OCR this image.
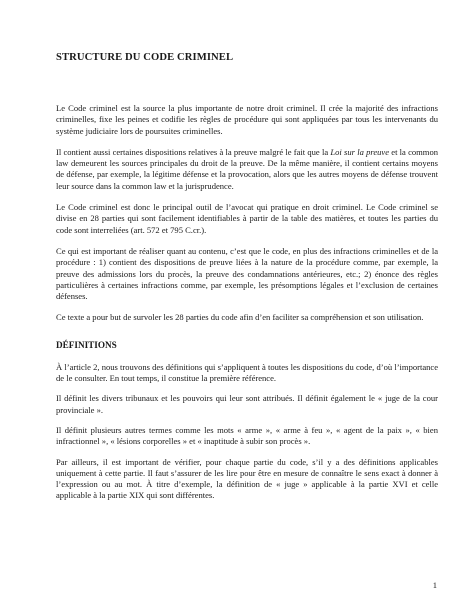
STRUCTURE DU CODE CRIMINEL

Le Code criminel est la source la plus importante de notre droit criminel. Il crée la majorité des infractions criminelles, fixe les peines et codifie les règles de procédure qui sont appliquées par tous les intervenants du système judiciaire lors de poursuites criminelles.

Il contient aussi certaines dispositions relatives à la preuve malgré le fait que la Loi sur la preuve et la common law demeurent les sources principales du droit de la preuve. De la même manière, il contient certains moyens de défense, par exemple, la légitime défense et la provocation, alors que les autres moyens de défense trouvent leur source dans la common law et la jurisprudence.

Le Code criminel est donc le principal outil de l’avocat qui pratique en droit criminel. Le Code criminel se divise en 28 parties qui sont facilement identifiables à partir de la table des matières, et toutes les parties du code sont interreliées (art. 572 et 795 C.cr.).

Ce qui est important de réaliser quant au contenu, c’est que le code, en plus des infractions criminelles et de la procédure : 1) contient des dispositions de preuve liées à la nature de la procédure comme, par exemple, la preuve des admissions lors du procès, la preuve des condamnations antérieures, etc.; 2) énonce des règles particulières à certaines infractions comme, par exemple, les présomptions légales et l’exclusion de certaines défenses.

Ce texte a pour but de survoler les 28 parties du code afin d’en faciliter sa compréhension et son utilisation.

DÉFINITIONS

À l’article 2, nous trouvons des définitions qui s’appliquent à toutes les dispositions du code, d’où l’importance de le consulter. En tout temps, il constitue la première référence.

Il définit les divers tribunaux et les pouvoirs qui leur sont attribués. Il définit également le « juge de la cour provinciale ».

Il définit plusieurs autres termes comme les mots « arme », « arme à feu », « agent de la paix », « bien infractionnel », « lésions corporelles » et « inaptitude à subir son procès ».

Par ailleurs, il est important de vérifier, pour chaque partie du code, s’il y a des définitions applicables uniquement à cette partie. Il faut s’assurer de les lire pour être en mesure de connaître le sens exact à donner à l’expression ou au mot. À titre d’exemple, la définition de « juge » applicable à la partie XVI et celle applicable à la partie XIX qui sont différentes.

1
